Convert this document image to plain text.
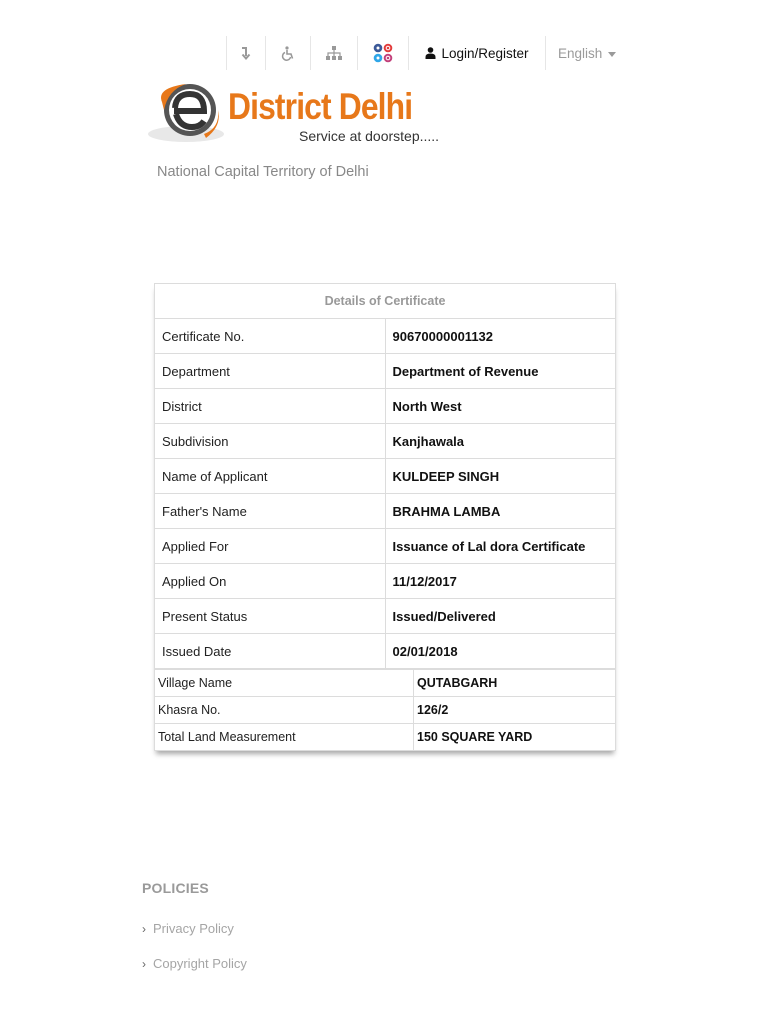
Login/Register English
District Delhi
Service at doorstep.....
National Capital Territory of Delhi
Details of Certificate	
Certificate No.	90670000001132
Department	Department of Revenue
District	North West
Subdivision	Kanjhawala
Name of Applicant	KULDEEP SINGH
Father's Name	BRAHMA LAMBA
Applied For	Issuance of Lal dora Certificate
Applied On	11/12/2017
Present Status	Issued/Delivered
Issued Date	02/01/2018
Village Name	QUTABGARH
Khasra No.	126/2
Total Land Measurement	150 SQUARE YARD
POLICIES
› Privacy Policy
› Copyright Policy
